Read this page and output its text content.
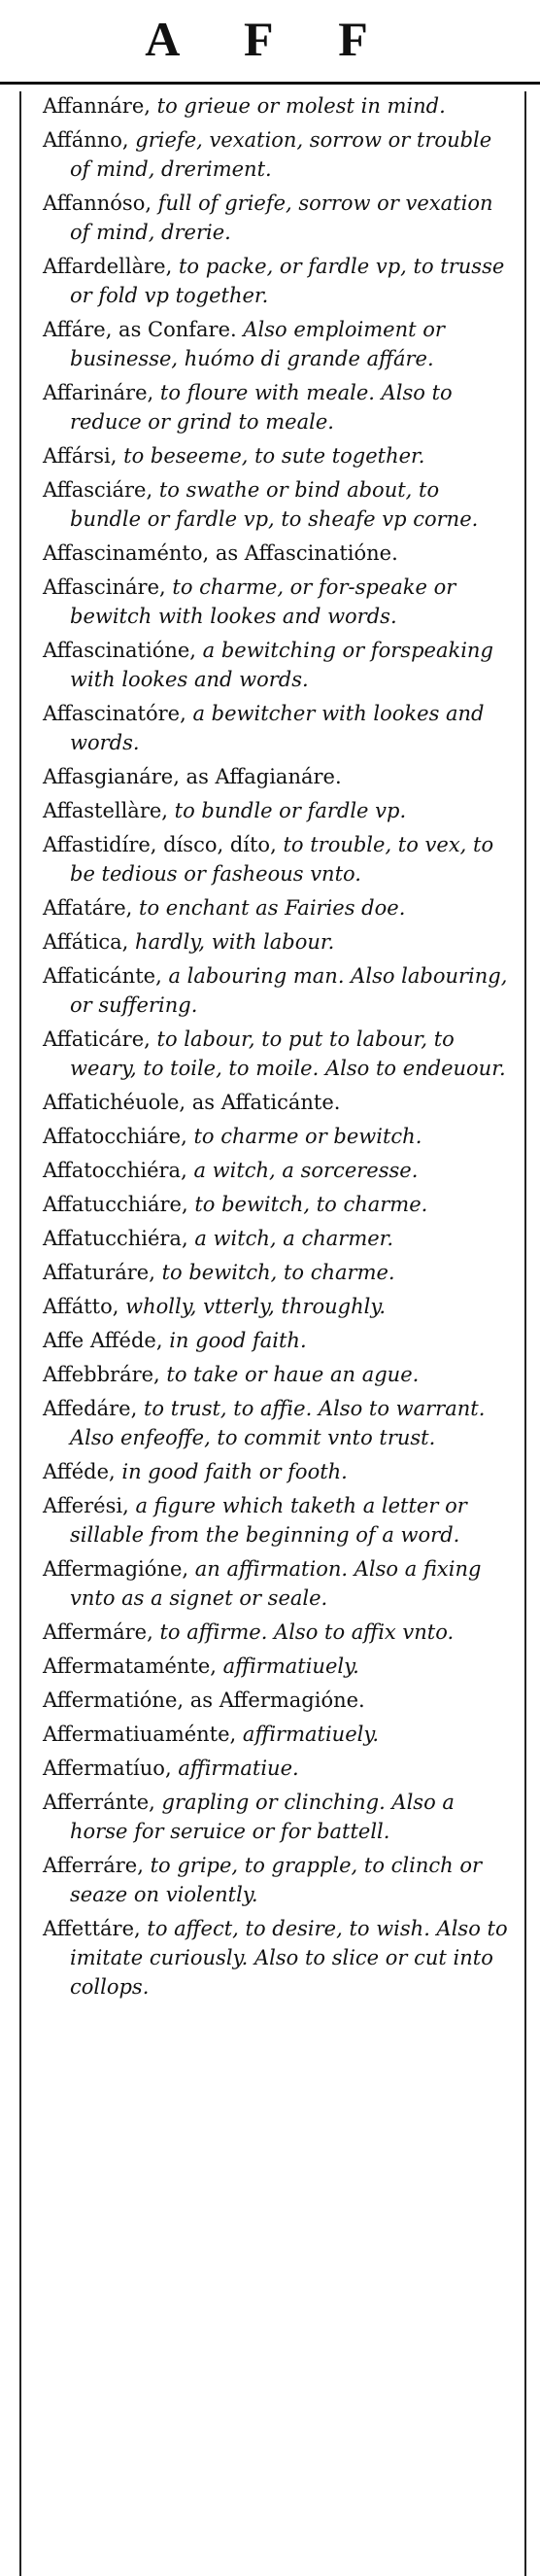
A F F

Affannáre, to grieue or molest in mind.

Affánno, griefe, vexation, sorrow or trouble of mind, dreriment.

Affannóso, full of griefe, sorrow or vexation of mind, drerie.

Affardellàre, to packe, or fardle vp, to trusse or fold vp together.

Affáre, as Confare. Also emploiment or businesse, huómo di grande affáre.

Affarináre, to floure with meale. Also to reduce or grind to meale.

Affársi, to beseeme, to sute together.

Affasciáre, to swathe or bind about, to bundle or fardle vp, to sheafe vp corne.

Affascinaménto, as Affascinatióne.

Affascináre, to charme, or for-speake or bewitch with lookes and words.

Affascinatióne, a bewitching or forspeaking with lookes and words.

Affascinatóre, a bewitcher with lookes and words.

Affasgianáre, as Affagianáre.

Affastellàre, to bundle or fardle vp.

Affastidíre, dísco, díto, to trouble, to vex, to be tedious or fasheous vnto.

Affatáre, to enchant as Fairies doe.

Affática, hardly, with labour.

Affaticánte, a labouring man. Also labouring, or suffering.

Affaticáre, to labour, to put to labour, to weary, to toile, to moile. Also to endeuour.

Affatichéuole, as Affaticánte.

Affatocchiáre, to charme or bewitch.

Affatocchiéra, a witch, a sorceresse.

Affatucchiáre, to bewitch, to charme.

Affatucchiéra, a witch, a charmer.

Affaturáre, to bewitch, to charme.

Affátto, wholly, vtterly, throughly.

Affe Afféde, in good faith.

Affebbráre, to take or haue an ague.

Affedáre, to trust, to affie. Also to warrant. Also enfeoffe, to commit vnto trust.

Afféde, in good faith or footh.

Afferési, a figure which taketh a letter or sillable from the beginning of a word.

Affermagióne, an affirmation. Also a fixing vnto as a signet or seale.

Affermáre, to affirme. Also to affix vnto.

Affermataménte, affirmatiuely.

Affermatióne, as Affermagióne.

Affermatiuaménte, affirmatiuely.

Affermatíuo, affirmatiue.

Afferránte, grapling or clinching. Also a horse for seruice or for battell.

Afferráre, to gripe, to grapple, to clinch or seaze on violently.

Affettáre, to affect, to desire, to wish. Also to imitate curiously. Also to slice or cut into collops.
